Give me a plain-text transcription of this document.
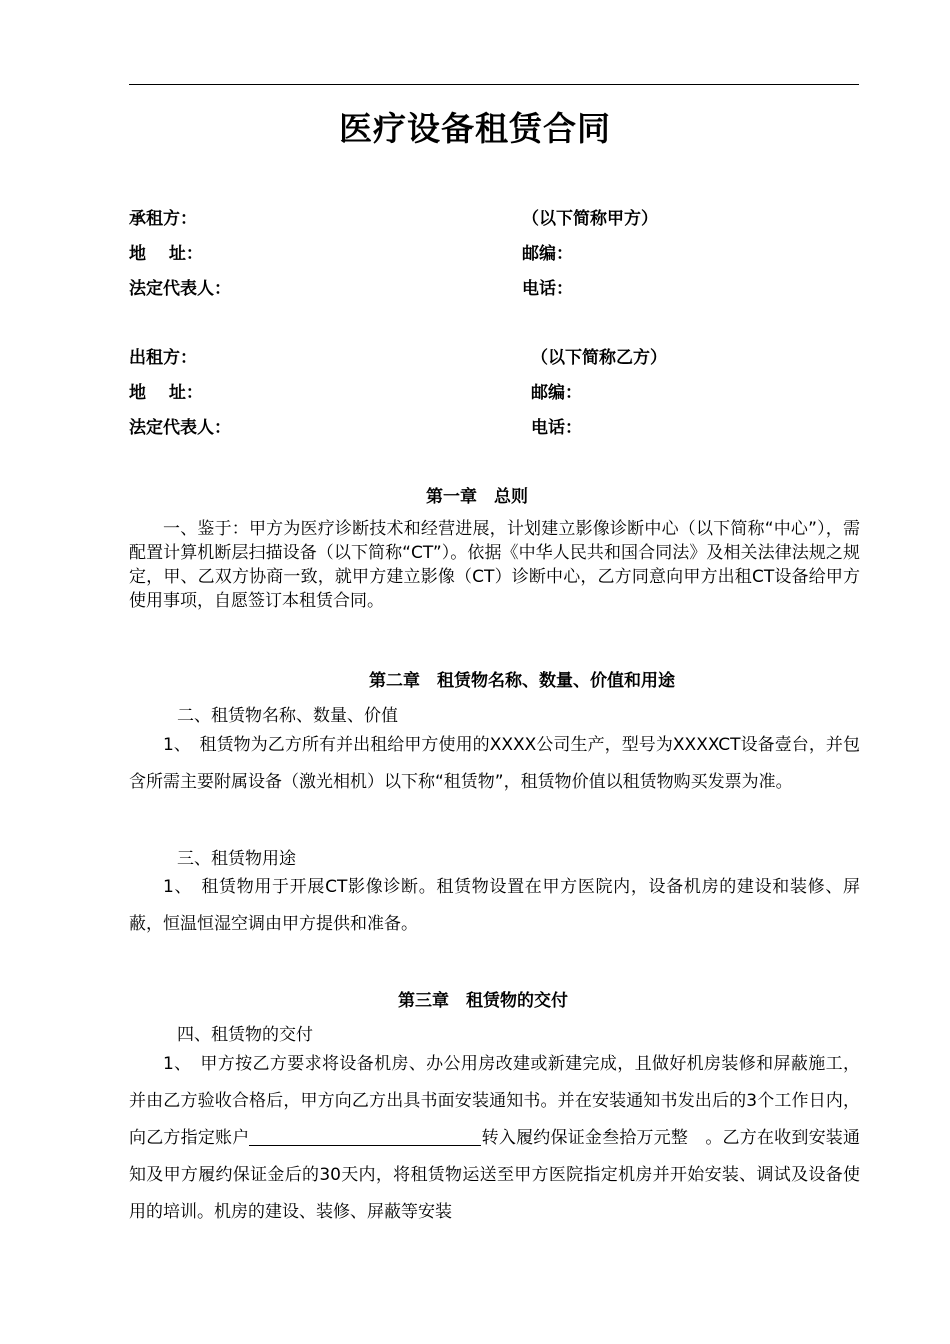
医疗设备租赁合同
承租方：	（以下简称甲方）
地　 址：	邮编：
法定代表人：	电话：
出租方：	（以下简称乙方）
地　 址：	邮编：
法定代表人：	电话：
第一章　总则
一、鉴于：甲方为医疗诊断技术和经营进展，计划建立影像诊断中心（以下简称“中心”），需配置计算机断层扫描设备（以下简称“CT”）。依据《中华人民共和国合同法》及相关法律法规之规定，甲、乙双方协商一致，就甲方建立影像（CT）诊断中心，乙方同意向甲方出租CT设备给甲方使用事项，自愿签订本租赁合同。
第二章　租赁物名称、数量、价值和用途
二、租赁物名称、数量、价值
1、　租赁物为乙方所有并出租给甲方使用的XXXX公司生产，型号为XXXXCT设备壹台，并包含所需主要附属设备（激光相机）以下称“租赁物”，租赁物价值以租赁物购买发票为准。
三、租赁物用途
1、　租赁物用于开展CT影像诊断。租赁物设置在甲方医院内，设备机房的建设和装修、屏蔽，恒温恒湿空调由甲方提供和准备。
第三章　租赁物的交付
四、租赁物的交付
1、　甲方按乙方要求将设备机房、办公用房改建或新建完成，且做好机房装修和屏蔽施工，并由乙方验收合格后，甲方向乙方出具书面安装通知书。并在安装通知书发出后的3个工作日内，向乙方指定账户	转入履约保证金叁拾万元整　。乙方在收到安装通知及甲方履约保证金后的30天内，将租赁物运送至甲方医院指定机房并开始安装、调试及设备使用的培训。机房的建设、装修、屏蔽等安装
